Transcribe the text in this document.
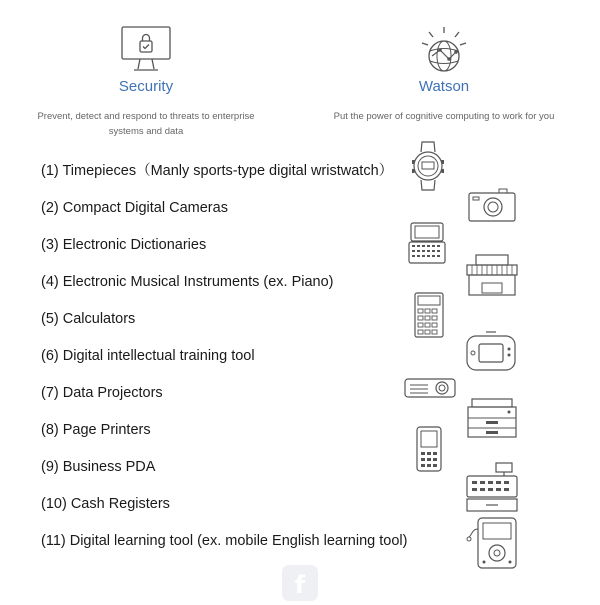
Security
Prevent, detect and respond to threats to enterprise
systems and data
Watson
Put the power of cognitive computing to work for you
(1) Timepieces（Manly sports-type digital wristwatch）
(2) Compact Digital Cameras
(3) Electronic Dictionaries
(4) Electronic Musical Instruments (ex. Piano)
(5) Calculators
(6) Digital intellectual training tool
(7) Data Projectors
(8) Page Printers
(9) Business PDA
(10) Cash Registers
(11) Digital learning tool (ex. mobile English learning tool)
f
